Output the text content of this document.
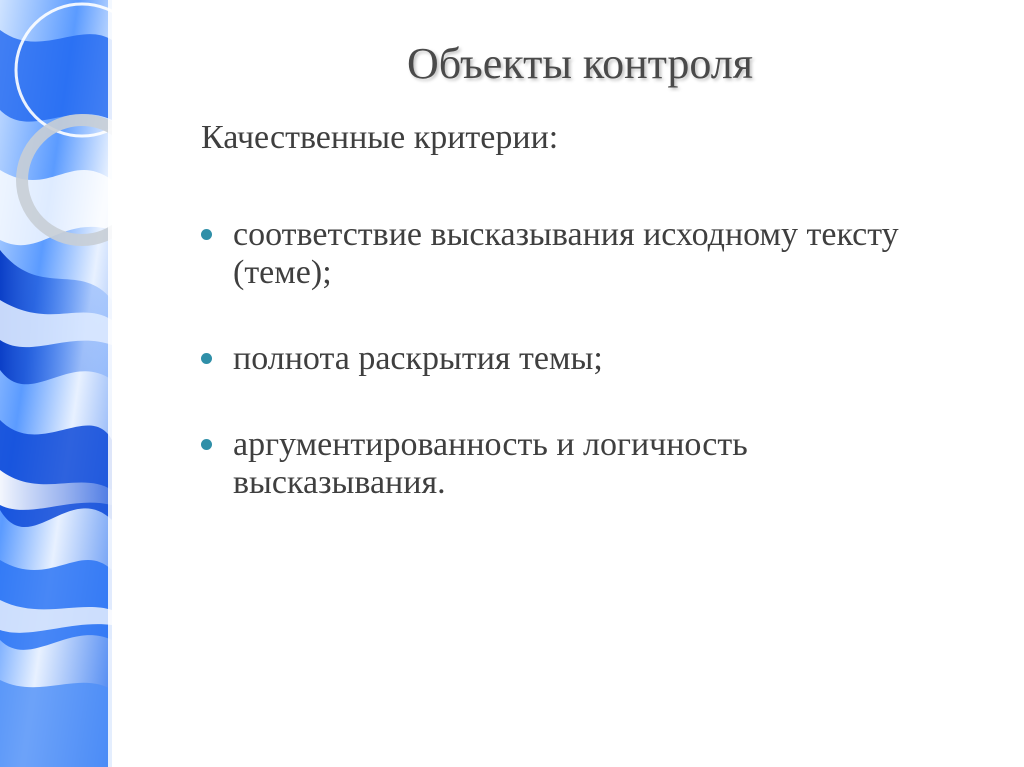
Объекты контроля

Качественные критерии:

соответствие высказывания исходному тексту (теме);
полнота раскрытия темы;
аргументированность и логичность высказывания.
